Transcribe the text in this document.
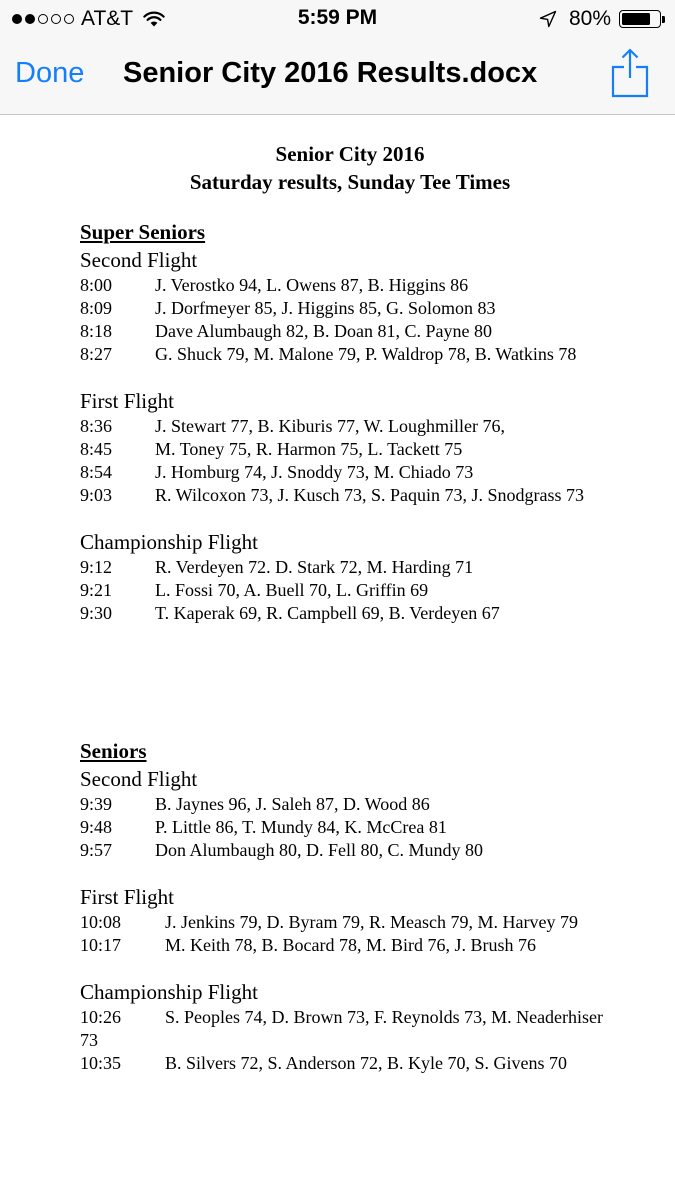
AT&T	5:59 PM	80%
Done Senior City 2016 Results.docx
Senior City 2016
Saturday results, Sunday Tee Times
Super Seniors
Second Flight
8:00 J. Verostko 94, L. Owens 87, B. Higgins 86
8:09 J. Dorfmeyer 85, J. Higgins 85, G. Solomon 83
8:18 Dave Alumbaugh 82, B. Doan 81, C. Payne 80
8:27 G. Shuck 79, M. Malone 79, P. Waldrop 78, B. Watkins 78
First Flight
8:36 J. Stewart 77, B. Kiburis 77, W. Loughmiller 76,
8:45 M. Toney 75, R. Harmon 75, L. Tackett 75
8:54 J. Homburg 74, J. Snoddy 73, M. Chiado 73
9:03 R. Wilcoxon 73, J. Kusch 73, S. Paquin 73, J. Snodgrass 73
Championship Flight
9:12 R. Verdeyen 72. D. Stark 72, M. Harding 71
9:21 L. Fossi 70, A. Buell 70, L. Griffin 69
9:30 T. Kaperak 69, R. Campbell 69, B. Verdeyen 67
Seniors
Second Flight
9:39 B. Jaynes 96, J. Saleh 87, D. Wood 86
9:48 P. Little 86, T. Mundy 84, K. McCrea 81
9:57 Don Alumbaugh 80, D. Fell 80, C. Mundy 80
First Flight
10:08 J. Jenkins 79, D. Byram 79, R. Measch 79, M. Harvey 79
10:17 M. Keith 78, B. Bocard 78, M. Bird 76, J. Brush 76
Championship Flight
10:26 S. Peoples 74, D. Brown 73, F. Reynolds 73, M. Neaderhiser 73
10:35 B. Silvers 72, S. Anderson 72, B. Kyle 70, S. Givens 70
